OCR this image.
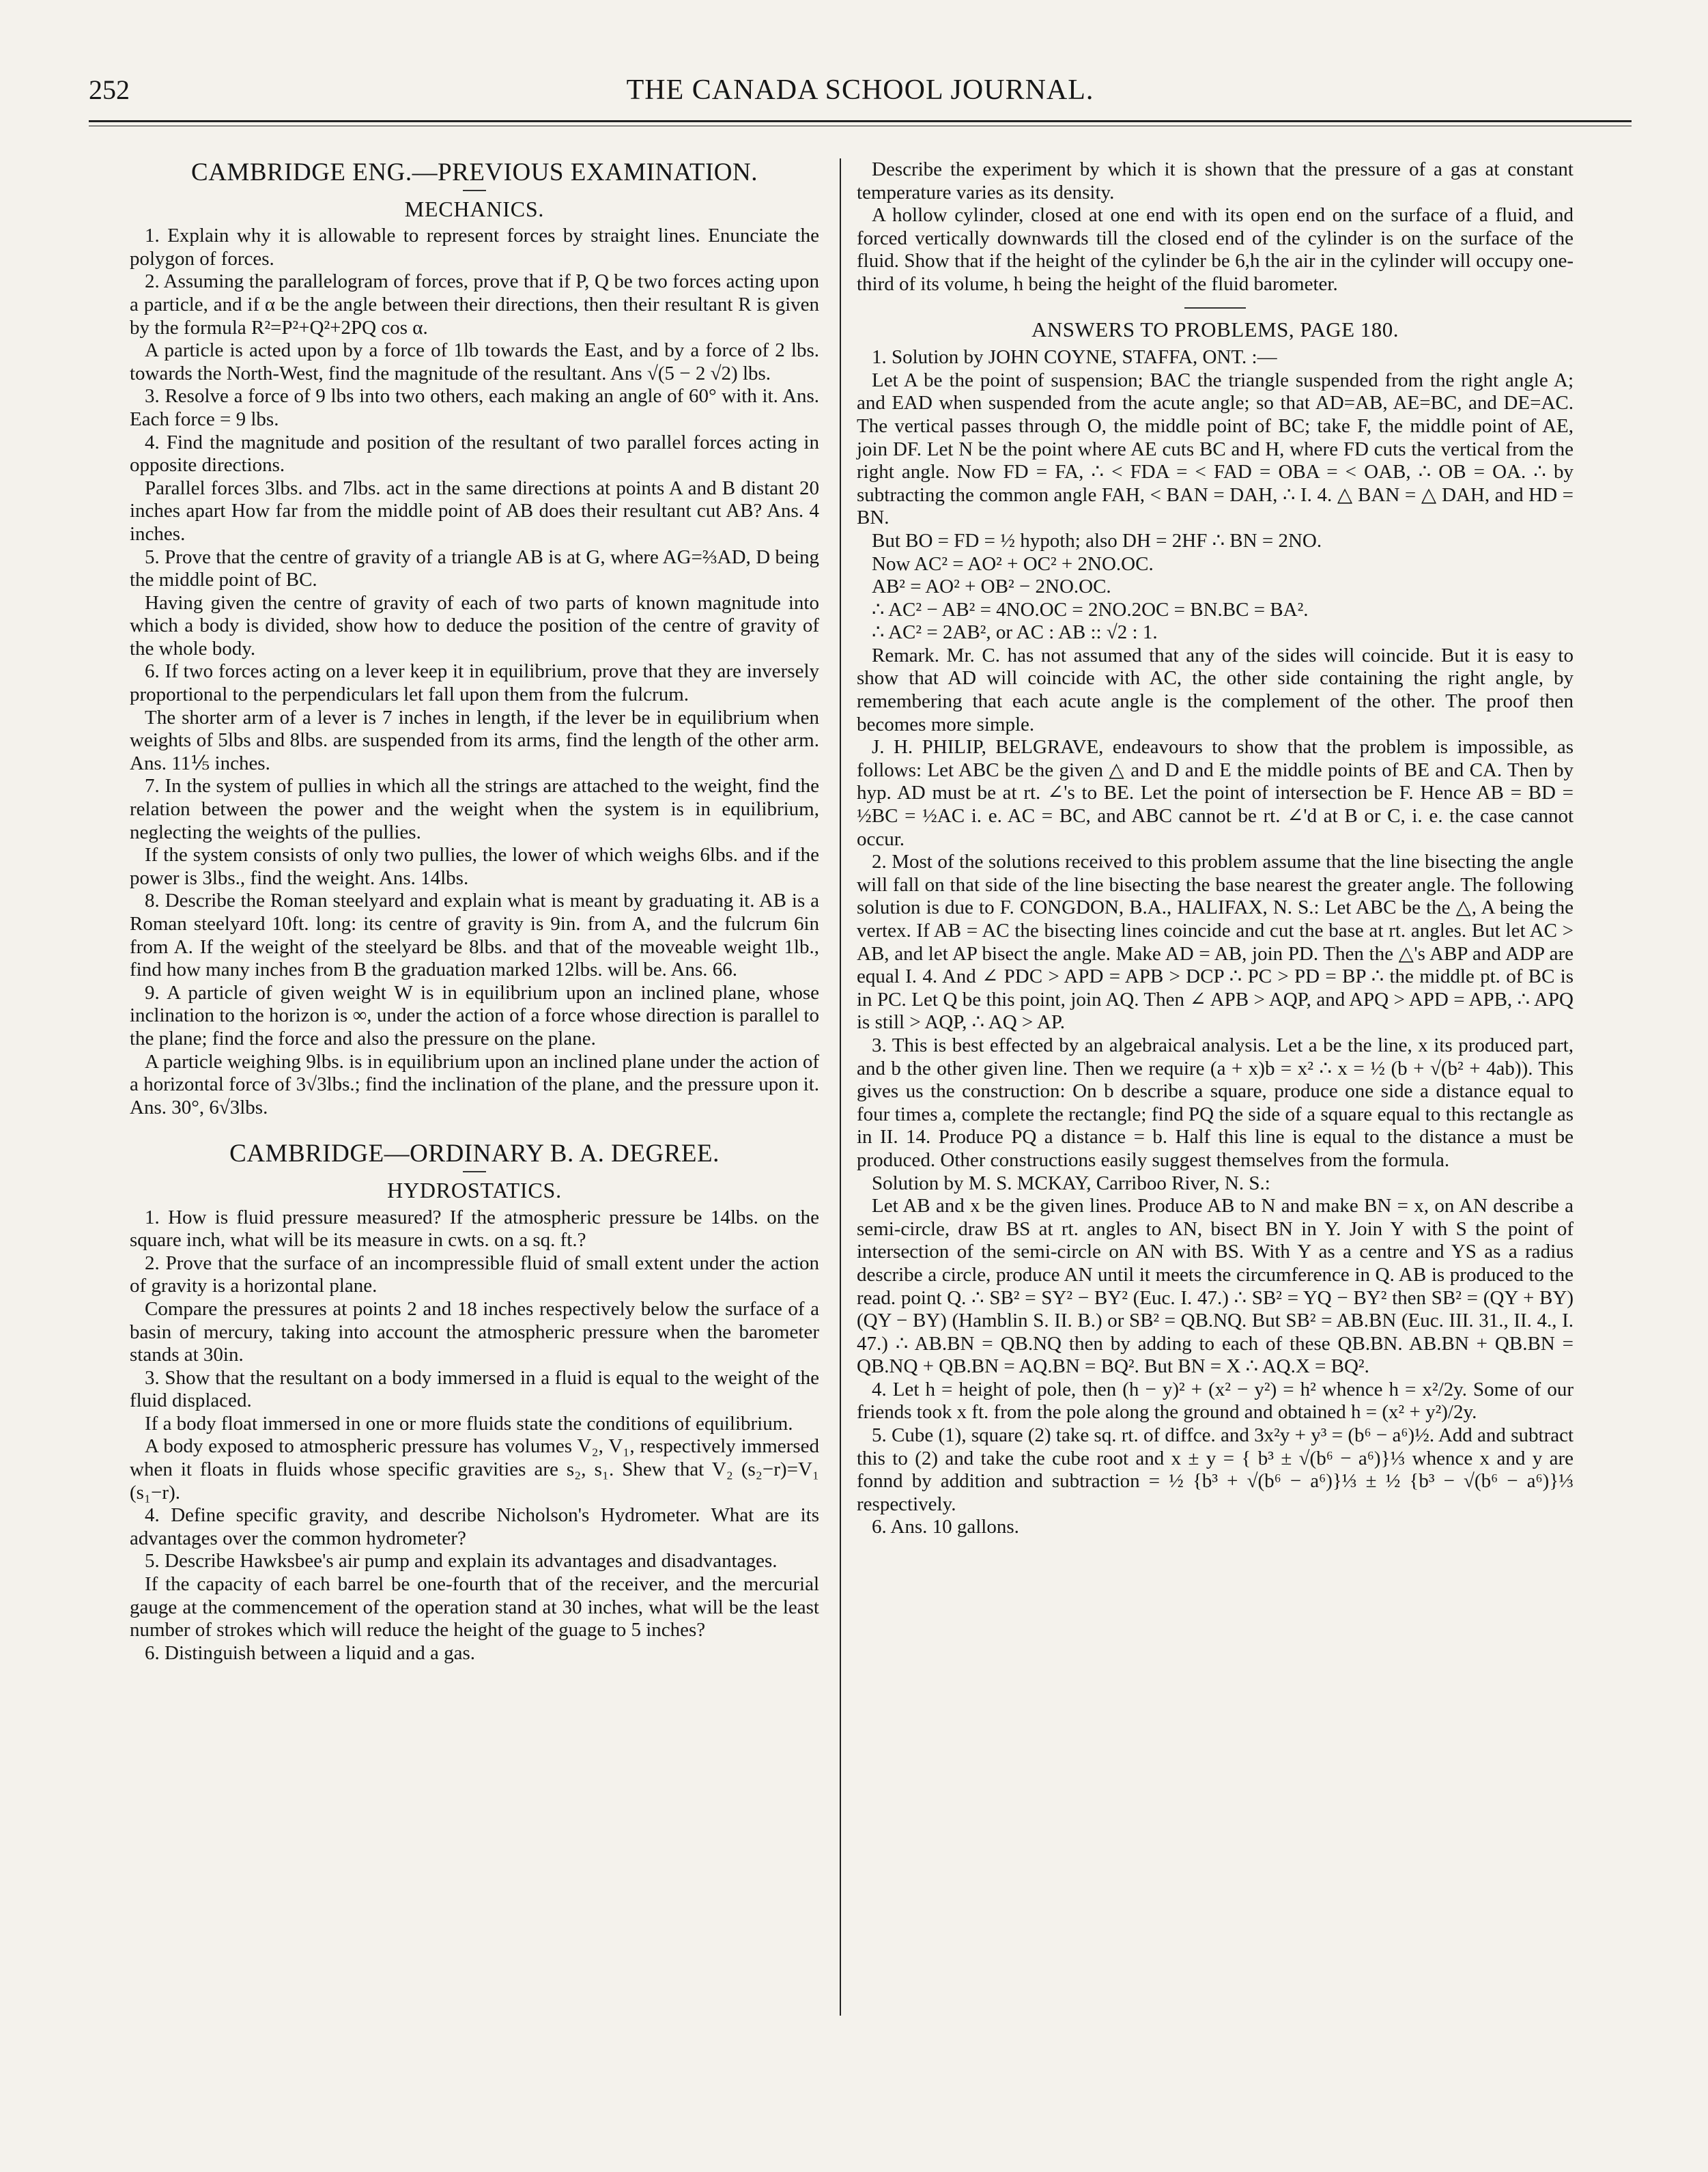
252	THE CANADA SCHOOL JOURNAL.
CAMBRIDGE ENG.—PREVIOUS EXAMINATION.
MECHANICS.

1. Explain why it is allowable to represent forces by straight lines. Enunciate the polygon of forces.

2. Assuming the parallelogram of forces, prove that if P, Q be two forces acting upon a particle, and if α be the angle between their directions, then their resultant R is given by the formula R²=P²+Q²+2PQ cos α.

A particle is acted upon by a force of 1lb towards the East, and by a force of 2 lbs. towards the North-West, find the magnitude of the resultant. Ans √(5 − 2 √2) lbs.

3. Resolve a force of 9 lbs into two others, each making an angle of 60° with it. Ans. Each force = 9 lbs.

4. Find the magnitude and position of the resultant of two parallel forces acting in opposite directions.

Parallel forces 3lbs. and 7lbs. act in the same directions at points A and B distant 20 inches apart How far from the middle point of AB does their resultant cut AB? Ans. 4 inches.

5. Prove that the centre of gravity of a triangle AB is at G, where AG=⅔AD, D being the middle point of BC.

Having given the centre of gravity of each of two parts of known magnitude into which a body is divided, show how to deduce the position of the centre of gravity of the whole body.

6. If two forces acting on a lever keep it in equilibrium, prove that they are inversely proportional to the perpendiculars let fall upon them from the fulcrum.

The shorter arm of a lever is 7 inches in length, if the lever be in equilibrium when weights of 5lbs and 8lbs. are suspended from its arms, find the length of the other arm. Ans. 11⅕ inches.

7. In the system of pullies in which all the strings are attached to the weight, find the relation between the power and the weight when the system is in equilibrium, neglecting the weights of the pullies.

If the system consists of only two pullies, the lower of which weighs 6lbs. and if the power is 3lbs., find the weight. Ans. 14lbs.

8. Describe the Roman steelyard and explain what is meant by graduating it. AB is a Roman steelyard 10ft. long: its centre of gravity is 9in. from A, and the fulcrum 6in from A. If the weight of the steelyard be 8lbs. and that of the moveable weight 1lb., find how many inches from B the graduation marked 12lbs. will be. Ans. 66.

9. A particle of given weight W is in equilibrium upon an inclined plane, whose inclination to the horizon is ∞, under the action of a force whose direction is parallel to the plane; find the force and also the pressure on the plane.

A particle weighing 9lbs. is in equilibrium upon an inclined plane under the action of a horizontal force of 3√3lbs.; find the inclination of the plane, and the pressure upon it. Ans. 30°, 6√3lbs.

CAMBRIDGE—ORDINARY B. A. DEGREE.
HYDROSTATICS.

1. How is fluid pressure measured? If the atmospheric pressure be 14lbs. on the square inch, what will be its measure in cwts. on a sq. ft.?

2. Prove that the surface of an incompressible fluid of small extent under the action of gravity is a horizontal plane.

Compare the pressures at points 2 and 18 inches respectively below the surface of a basin of mercury, taking into account the atmospheric pressure when the barometer stands at 30in.

3. Show that the resultant on a body immersed in a fluid is equal to the weight of the fluid displaced.

If a body float immersed in one or more fluids state the conditions of equilibrium.

A body exposed to atmospheric pressure has volumes V₂, V₁, respectively immersed when it floats in fluids whose specific gravities are s₂, s₁. Shew that V₂ (s₂−r)=V₁ (s₁−r).

4. Define specific gravity, and describe Nicholson's Hydrometer. What are its advantages over the common hydrometer?

5. Describe Hawksbee's air pump and explain its advantages and disadvantages.

If the capacity of each barrel be one-fourth that of the receiver, and the mercurial gauge at the commencement of the operation stand at 30 inches, what will be the least number of strokes which will reduce the height of the guage to 5 inches?

6. Distinguish between a liquid and a gas.

Describe the experiment by which it is shown that the pressure of a gas at constant temperature varies as its density.

A hollow cylinder, closed at one end with its open end on the surface of a fluid, and forced vertically downwards till the closed end of the cylinder is on the surface of the fluid. Show that if the height of the cylinder be 6,h the air in the cylinder will occupy one-third of its volume, h being the height of the fluid barometer.

ANSWERS TO PROBLEMS, PAGE 180.

1. Solution by JOHN COYNE, STAFFA, ONT. :—

Let A be the point of suspension; BAC the triangle suspended from the right angle A; and EAD when suspended from the acute angle; so that AD=AB, AE=BC, and DE=AC. The vertical passes through O, the middle point of BC; take F, the middle point of AE, join DF. Let N be the point where AE cuts BC and H, where FD cuts the vertical from the right angle. Now FD = FA, ∴ < FDA = < FAD = OBA = < OAB, ∴ OB = OA. ∴ by subtracting the common angle FAH, < BAN = DAH, ∴ I. 4. △ BAN = △ DAH, and HD = BN.

But BO = FD = ½ hypoth; also DH = 2HF ∴ BN = 2NO.

Now AC² = AO² + OC² + 2NO.OC.

AB² = AO² + OB² − 2NO.OC.

∴ AC² − AB² = 4NO.OC = 2NO.2OC = BN.BC = BA².

∴ AC² = 2AB², or AC : AB :: √2 : 1.

Remark. Mr. C. has not assumed that any of the sides will coincide. But it is easy to show that AD will coincide with AC, the other side containing the right angle, by remembering that each acute angle is the complement of the other. The proof then becomes more simple.

J. H. PHILIP, BELGRAVE, endeavours to show that the problem is impossible, as follows: Let ABC be the given △ and D and E the middle points of BE and CA. Then by hyp. AD must be at rt. ∠'s to BE. Let the point of intersection be F. Hence AB = BD = ½BC = ½AC i. e. AC = BC, and ABC cannot be rt. ∠'d at B or C, i. e. the case cannot occur.

2. Most of the solutions received to this problem assume that the line bisecting the angle will fall on that side of the line bisecting the base nearest the greater angle. The following solution is due to F. CONGDON, B.A., HALIFAX, N. S.: Let ABC be the △, A being the vertex. If AB = AC the bisecting lines coincide and cut the base at rt. angles. But let AC > AB, and let AP bisect the angle. Make AD = AB, join PD. Then the △'s ABP and ADP are equal I. 4. And ∠ PDC > APD = APB > DCP ∴ PC > PD = BP ∴ the middle pt. of BC is in PC. Let Q be this point, join AQ. Then ∠ APB > AQP, and APQ > APD = APB, ∴ APQ is still > AQP, ∴ AQ > AP.

3. This is best effected by an algebraical analysis. Let a be the line, x its produced part, and b the other given line. Then we require (a + x)b = x² ∴ x = ½ (b + √(b² + 4ab)). This gives us the construction: On b describe a square, produce one side a distance equal to four times a, complete the rectangle; find PQ the side of a square equal to this rectangle as in II. 14. Produce PQ a distance = b. Half this line is equal to the distance a must be produced. Other constructions easily suggest themselves from the formula.

Solution by M. S. MCKAY, Carriboo River, N. S.:

Let AB and x be the given lines. Produce AB to N and make BN = x, on AN describe a semi-circle, draw BS at rt. angles to AN, bisect BN in Y. Join Y with S the point of intersection of the semi-circle on AN with BS. With Y as a centre and YS as a radius describe a circle, produce AN until it meets the circumference in Q. AB is produced to the read. point Q. ∴ SB² = SY² − BY² (Euc. I. 47.) ∴ SB² = YQ − BY² then SB² = (QY + BY)(QY − BY) (Hamblin S. II. B.) or SB² = QB.NQ. But SB² = AB.BN (Euc. III. 31., II. 4., I. 47.) ∴ AB.BN = QB.NQ then by adding to each of these QB.BN. AB.BN + QB.BN = QB.NQ + QB.BN = AQ.BN = BQ². But BN = X ∴ AQ.X = BQ².

4. Let h = height of pole, then (h − y)² + (x² − y²) = h² whence h = x²/2y. Some of our friends took x ft. from the pole along the ground and obtained h = (x² + y²)/2y.

5. Cube (1), square (2) take sq. rt. of diffce. and 3x²y + y³ = (b⁶ − a⁶)½. Add and subtract this to (2) and take the cube root and x ± y = { b³ ± √(b⁶ − a⁶)}⅓ whence x and y are fonnd by addition and subtraction = ½ {b³ + √(b⁶ − a⁶)}⅓ ± ½ {b³ − √(b⁶ − a⁶)}⅓ respectively.

6. Ans. 10 gallons.
